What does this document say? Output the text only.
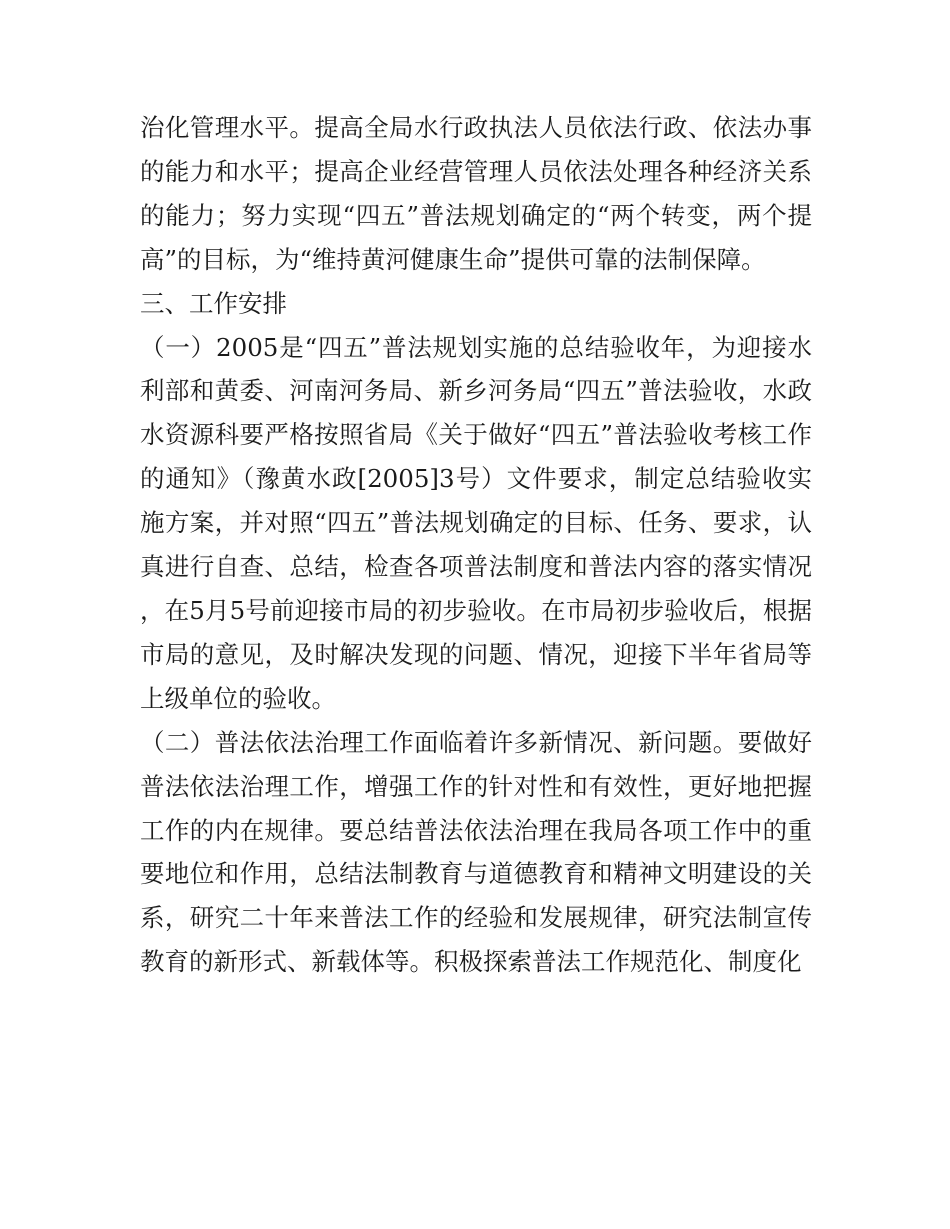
治化管理水平。提高全局水行政执法人员依法行政、依法办事的能力和水平；提高企业经营管理人员依法处理各种经济关系的能力；努力实现“四五”普法规划确定的“两个转变，两个提高”的目标，为“维持黄河健康生命”提供可靠的法制保障。

三、工作安排

（一）2005是“四五”普法规划实施的总结验收年，为迎接水利部和黄委、河南河务局、新乡河务局“四五”普法验收，水政水资源科要严格按照省局《关于做好“四五”普法验收考核工作的通知》（豫黄水政[2005]3号）文件要求，制定总结验收实施方案，并对照“四五”普法规划确定的目标、任务、要求，认真进行自查、总结，检查各项普法制度和普法内容的落实情况，在5月5号前迎接市局的初步验收。在市局初步验收后，根据市局的意见，及时解决发现的问题、情况，迎接下半年省局等上级单位的验收。

（二）普法依法治理工作面临着许多新情况、新问题。要做好普法依法治理工作，增强工作的针对性和有效性，更好地把握工作的内在规律。要总结普法依法治理在我局各项工作中的重要地位和作用，总结法制教育与道德教育和精神文明建设的关系，研究二十年来普法工作的经验和发展规律，研究法制宣传教育的新形式、新载体等。积极探索普法工作规范化、制度化
